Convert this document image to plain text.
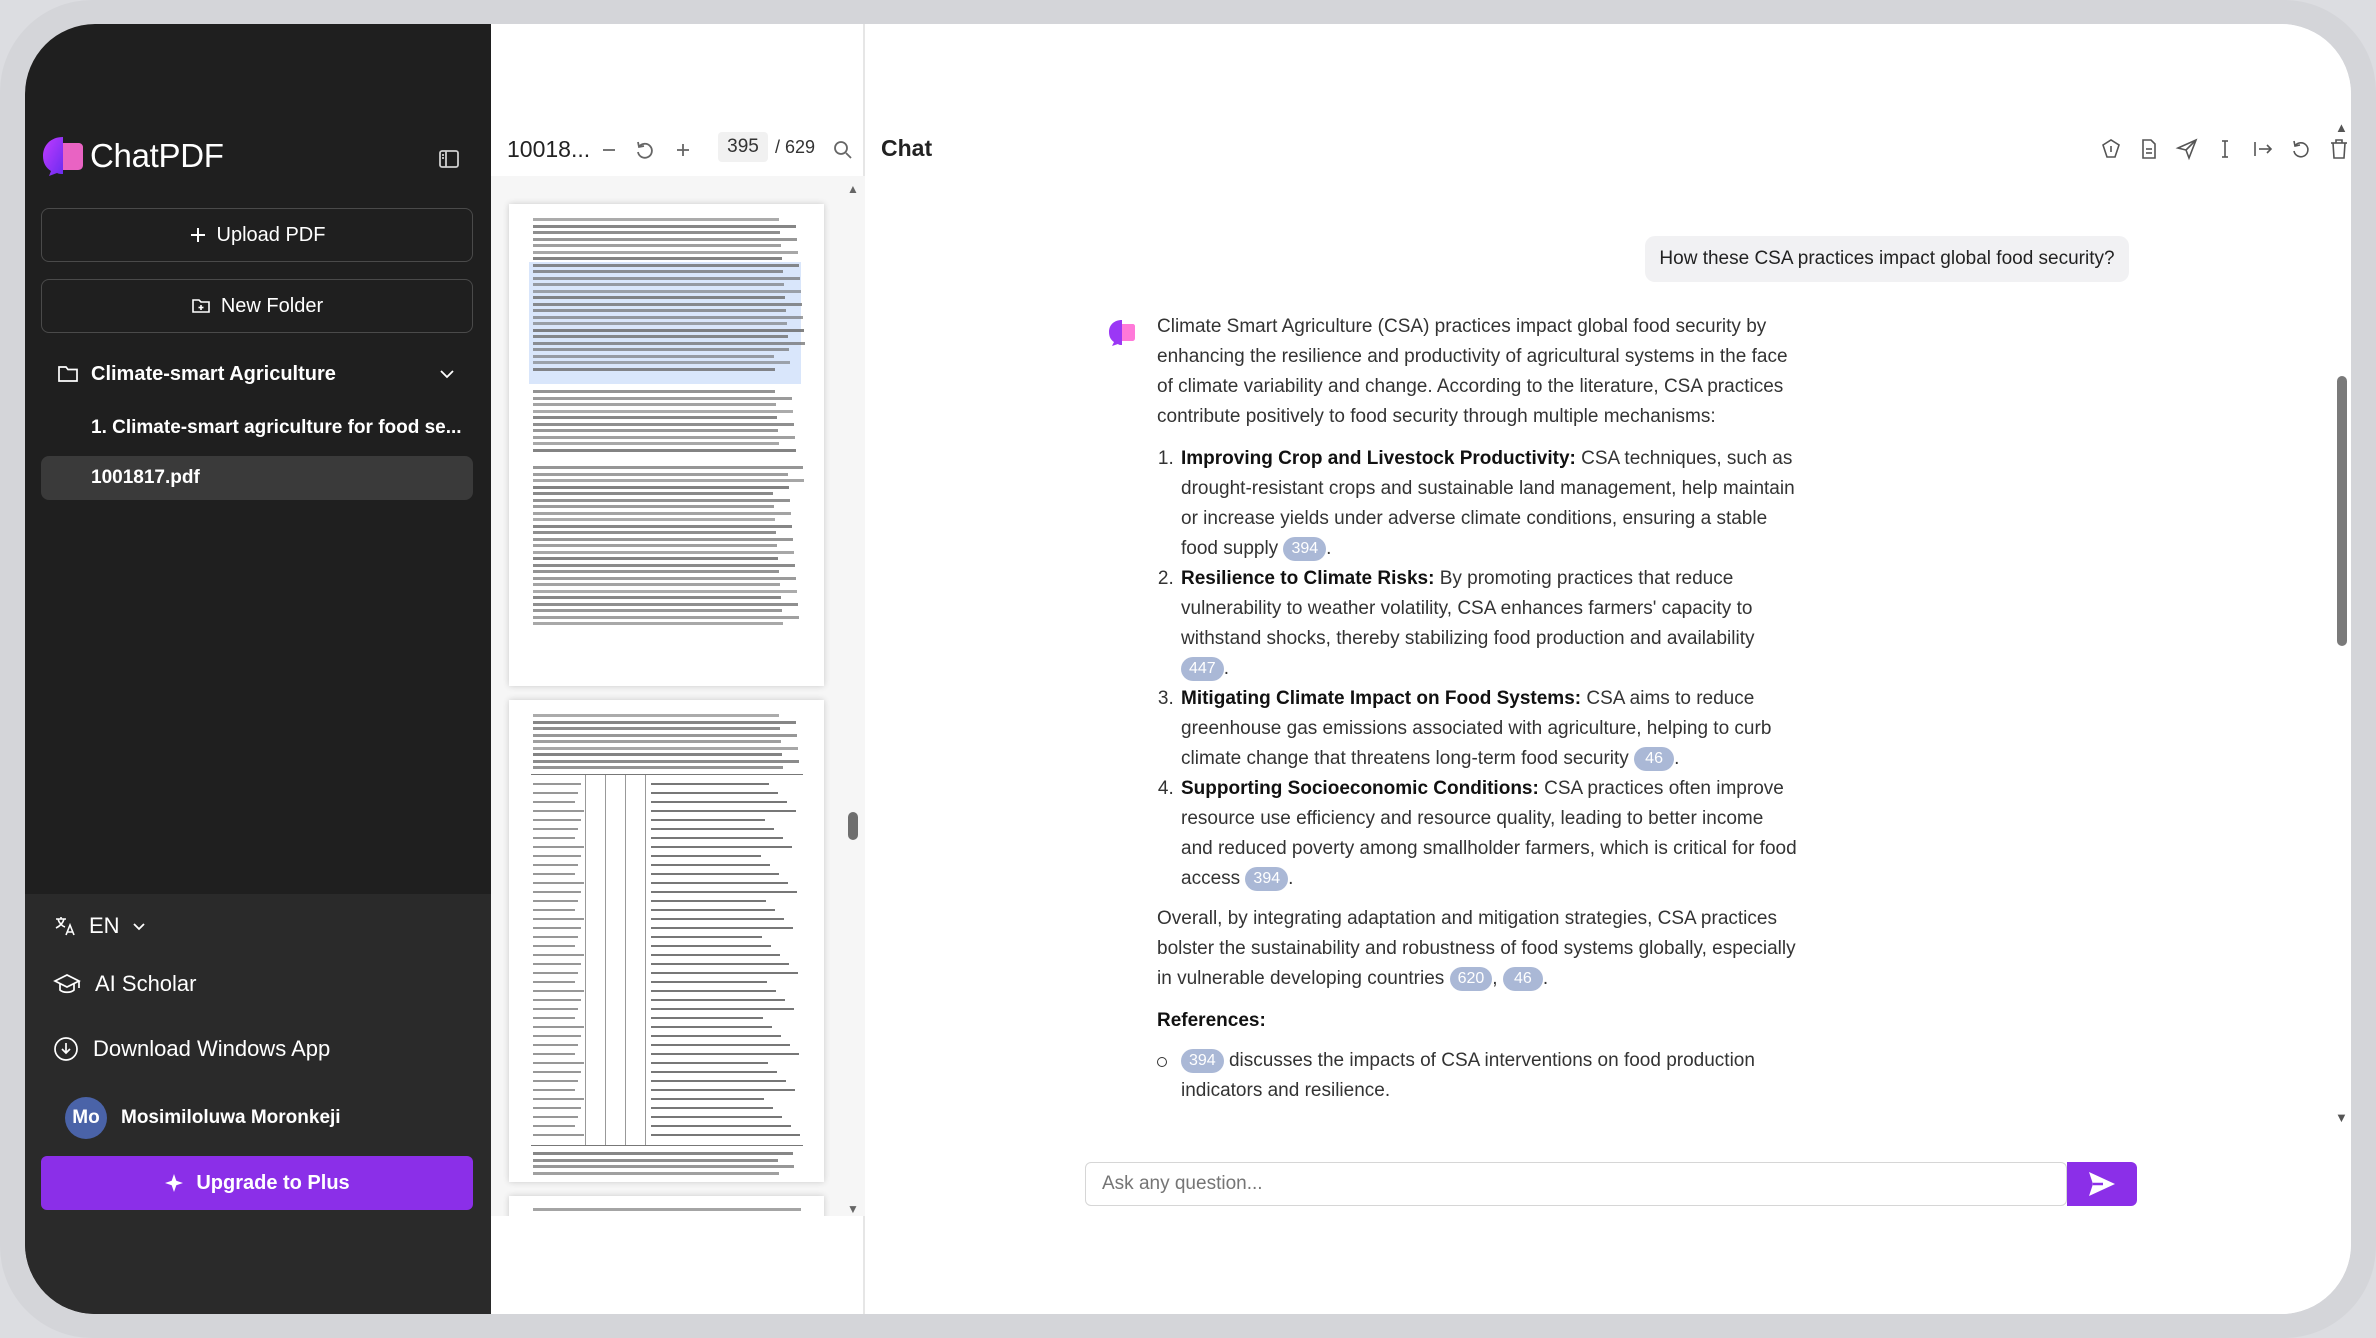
ChatPDF
Upload PDF
New Folder
Climate-smart Agriculture
1. Climate-smart agriculture for food se...
1001817.pdf
EN
AI Scholar
Download Windows App
Mo	Mosimiloluwa Moronkeji
Upgrade to Plus
10018...	395 / 629
▲
▼
Chat
How these CSA practices impact global food security?

Climate Smart Agriculture (CSA) practices impact global food security by enhancing the resilience and productivity of agricultural systems in the face of climate variability and change. According to the literature, CSA practices contribute positively to food security through multiple mechanisms:

1. Improving Crop and Livestock Productivity: CSA techniques, such as drought-resistant crops and sustainable land management, help maintain or increase yields under adverse climate conditions, ensuring a stable food supply 394 .
2. Resilience to Climate Risks: By promoting practices that reduce vulnerability to weather volatility, CSA enhances farmers' capacity to withstand shocks, thereby stabilizing food production and availability 447 .
3. Mitigating Climate Impact on Food Systems: CSA aims to reduce greenhouse gas emissions associated with agriculture, helping to curb climate change that threatens long-term food security 46 .
4. Supporting Socioeconomic Conditions: CSA practices often improve resource use efficiency and resource quality, leading to better income and reduced poverty among smallholder farmers, which is critical for food access 394 .

Overall, by integrating adaptation and mitigation strategies, CSA practices bolster the sustainability and robustness of food systems globally, especially in vulnerable developing countries 620 , 46 .

References:
394 discusses the impacts of CSA interventions on food production indicators and resilience.
Ask any question...
▲
▼
